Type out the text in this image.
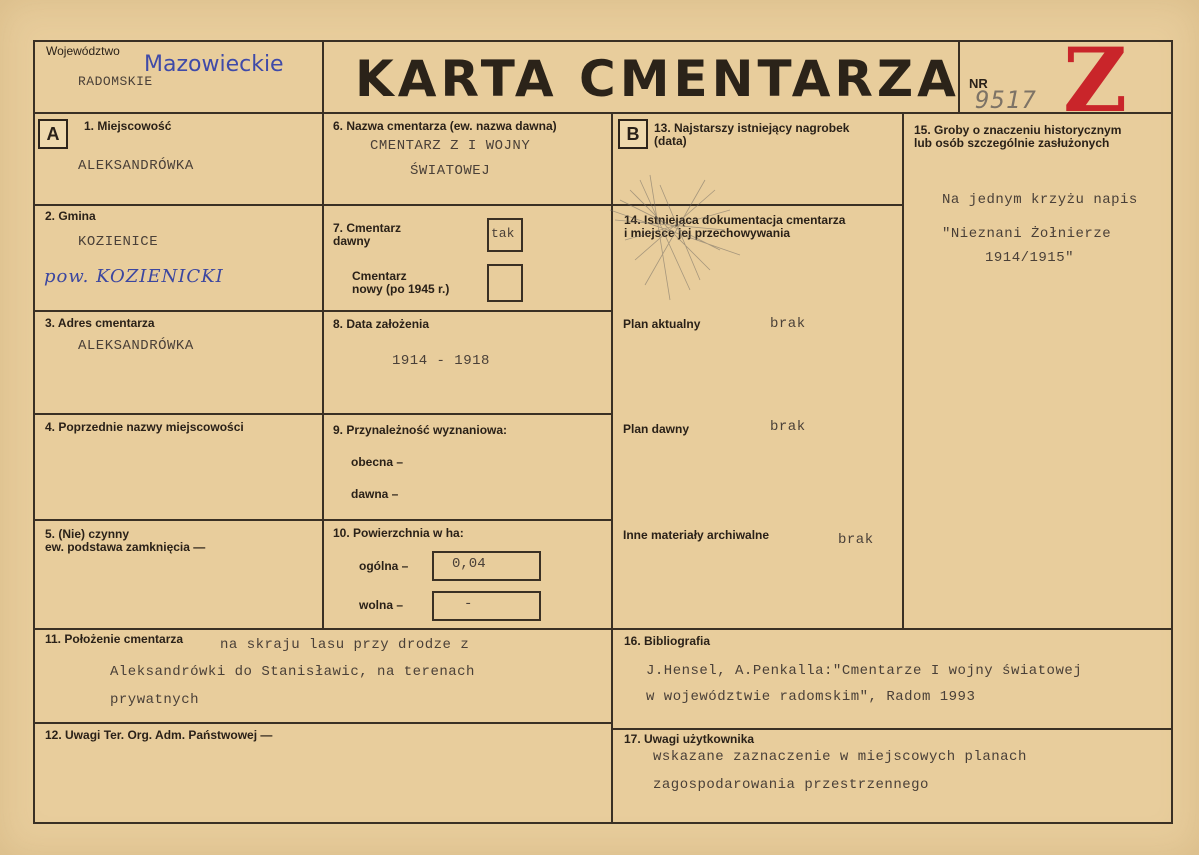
Województwo
Mazowieckie
RADOMSKIE	KARTA CMENTARZA NR
9517 Z
A	B
1. Miejscowość
ALEKSANDRÓWKA
2. Gmina
KOZIENICE
pow. KOZIENICKI
3. Adres cmentarza
ALEKSANDRÓWKA
4. Poprzednie nazwy miejscowości
5. (Nie) czynny
ew. podstawa zamknięcia —
6. Nazwa cmentarza (ew. nazwa dawna)
CMENTARZ Z I WOJNY
ŚWIATOWEJ
7. Cmentarz
dawny	tak
Cmentarz
nowy (po 1945 r.)
8. Data założenia
1914 - 1918
9. Przynależność wyznaniowa:
obecna –
dawna –
10. Powierzchnia w ha:
ogólna –	0,04
wolna –	-
11. Położenie cmentarza	na skraju lasu przy drodze z
Aleksandrówki do Stanisławic, na terenach
prywatnych
12. Uwagi Ter. Org. Adm. Państwowej —
13. Najstarszy istniejący nagrobek
(data)
14. Istniejąca dokumentacja cmentarza
i miejsce jej przechowywania
Plan aktualny	brak
Plan dawny	brak
Inne materiały archiwalne	brak
15. Groby o znaczeniu historycznym
lub osób szczególnie zasłużonych
Na jednym krzyżu napis
"Nieznani Żołnierze
1914/1915"
16. Bibliografia
J.Hensel, A.Penkalla:"Cmentarze I wojny światowej
w województwie radomskim", Radom 1993
17. Uwagi użytkownika
wskazane zaznaczenie w miejscowych planach
zagospodarowania przestrzennego
